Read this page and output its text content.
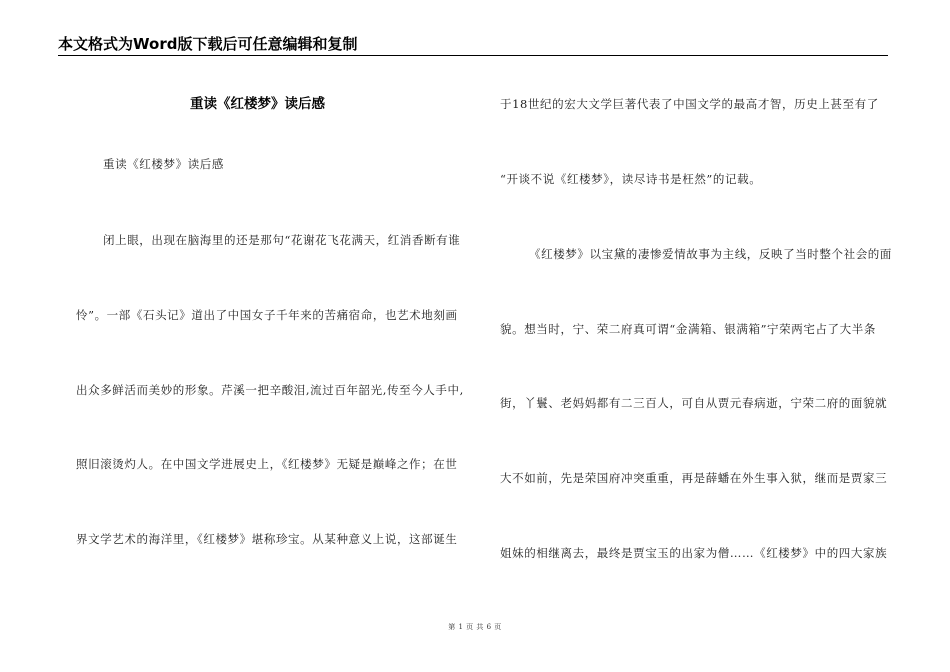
本文格式为Word版下载后可任意编辑和复制
重读《红楼梦》读后感
重读《红楼梦》读后感
闭上眼，出现在脑海里的还是那句“花谢花飞花满天，红消香断有谁
怜”。一部《石头记》道出了中国女子千年来的苦痛宿命，也艺术地刻画
出众多鲜活而美妙的形象。芹溪一把辛酸泪,流过百年韶光,传至今人手中,
照旧滚烫灼人。在中国文学进展史上，《红楼梦》无疑是巅峰之作；在世
界文学艺术的海洋里，《红楼梦》堪称珍宝。从某种意义上说，这部诞生
于18世纪的宏大文学巨著代表了中国文学的最高才智，历史上甚至有了
“开谈不说《红楼梦》，读尽诗书是枉然”的记载。
《红楼梦》以宝黛的凄惨爱情故事为主线，反映了当时整个社会的面
貌。想当时，宁、荣二府真可谓“金满箱、银满箱”宁荣两宅占了大半条
街，丫鬟、老妈妈都有二三百人，可自从贾元春病逝，宁荣二府的面貌就
大不如前，先是荣国府冲突重重，再是薛蟠在外生事入狱，继而是贾家三
姐妹的相继离去，最终是贾宝玉的出家为僧……《红楼梦》中的四大家族
第 1 页 共 6 页
